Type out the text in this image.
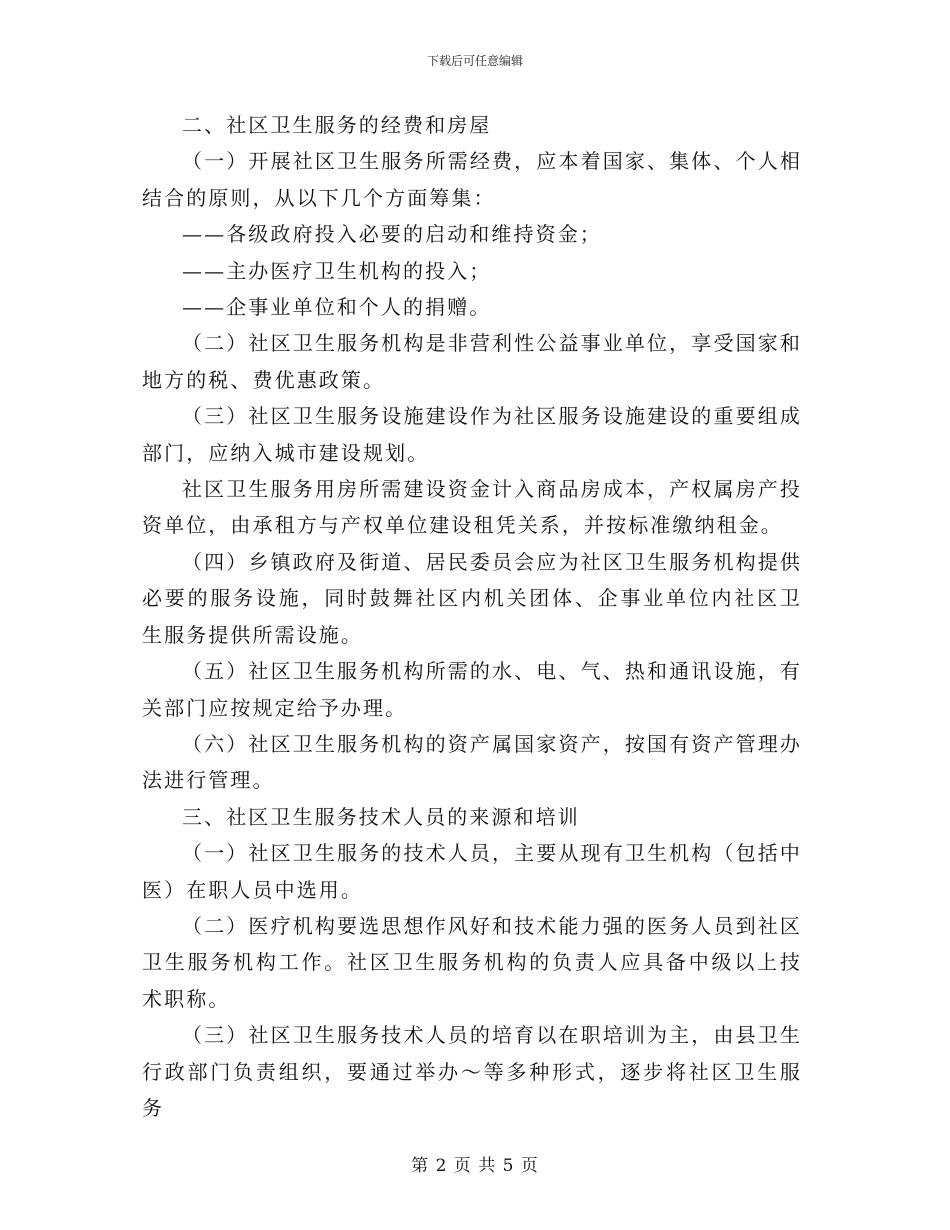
下载后可任意编辑

二、社区卫生服务的经费和房屋

（一）开展社区卫生服务所需经费，应本着国家、集体、个人相结合的原则，从以下几个方面筹集：

——各级政府投入必要的启动和维持资金；

——主办医疗卫生机构的投入；

——企事业单位和个人的捐赠。

（二）社区卫生服务机构是非营利性公益事业单位，享受国家和地方的税、费优惠政策。

（三）社区卫生服务设施建设作为社区服务设施建设的重要组成部门，应纳入城市建设规划。

社区卫生服务用房所需建设资金计入商品房成本，产权属房产投资单位，由承租方与产权单位建设租凭关系，并按标准缴纳租金。

（四）乡镇政府及街道、居民委员会应为社区卫生服务机构提供必要的服务设施，同时鼓舞社区内机关团体、企事业单位内社区卫生服务提供所需设施。

（五）社区卫生服务机构所需的水、电、气、热和通讯设施，有关部门应按规定给予办理。

（六）社区卫生服务机构的资产属国家资产，按国有资产管理办法进行管理。

三、社区卫生服务技术人员的来源和培训

（一）社区卫生服务的技术人员，主要从现有卫生机构（包括中医）在职人员中选用。

（二）医疗机构要选思想作风好和技术能力强的医务人员到社区卫生服务机构工作。社区卫生服务机构的负责人应具备中级以上技术职称。

（三）社区卫生服务技术人员的培育以在职培训为主，由县卫生行政部门负责组织，要通过举办～等多种形式，逐步将社区卫生服务

第 2 页 共 5 页
